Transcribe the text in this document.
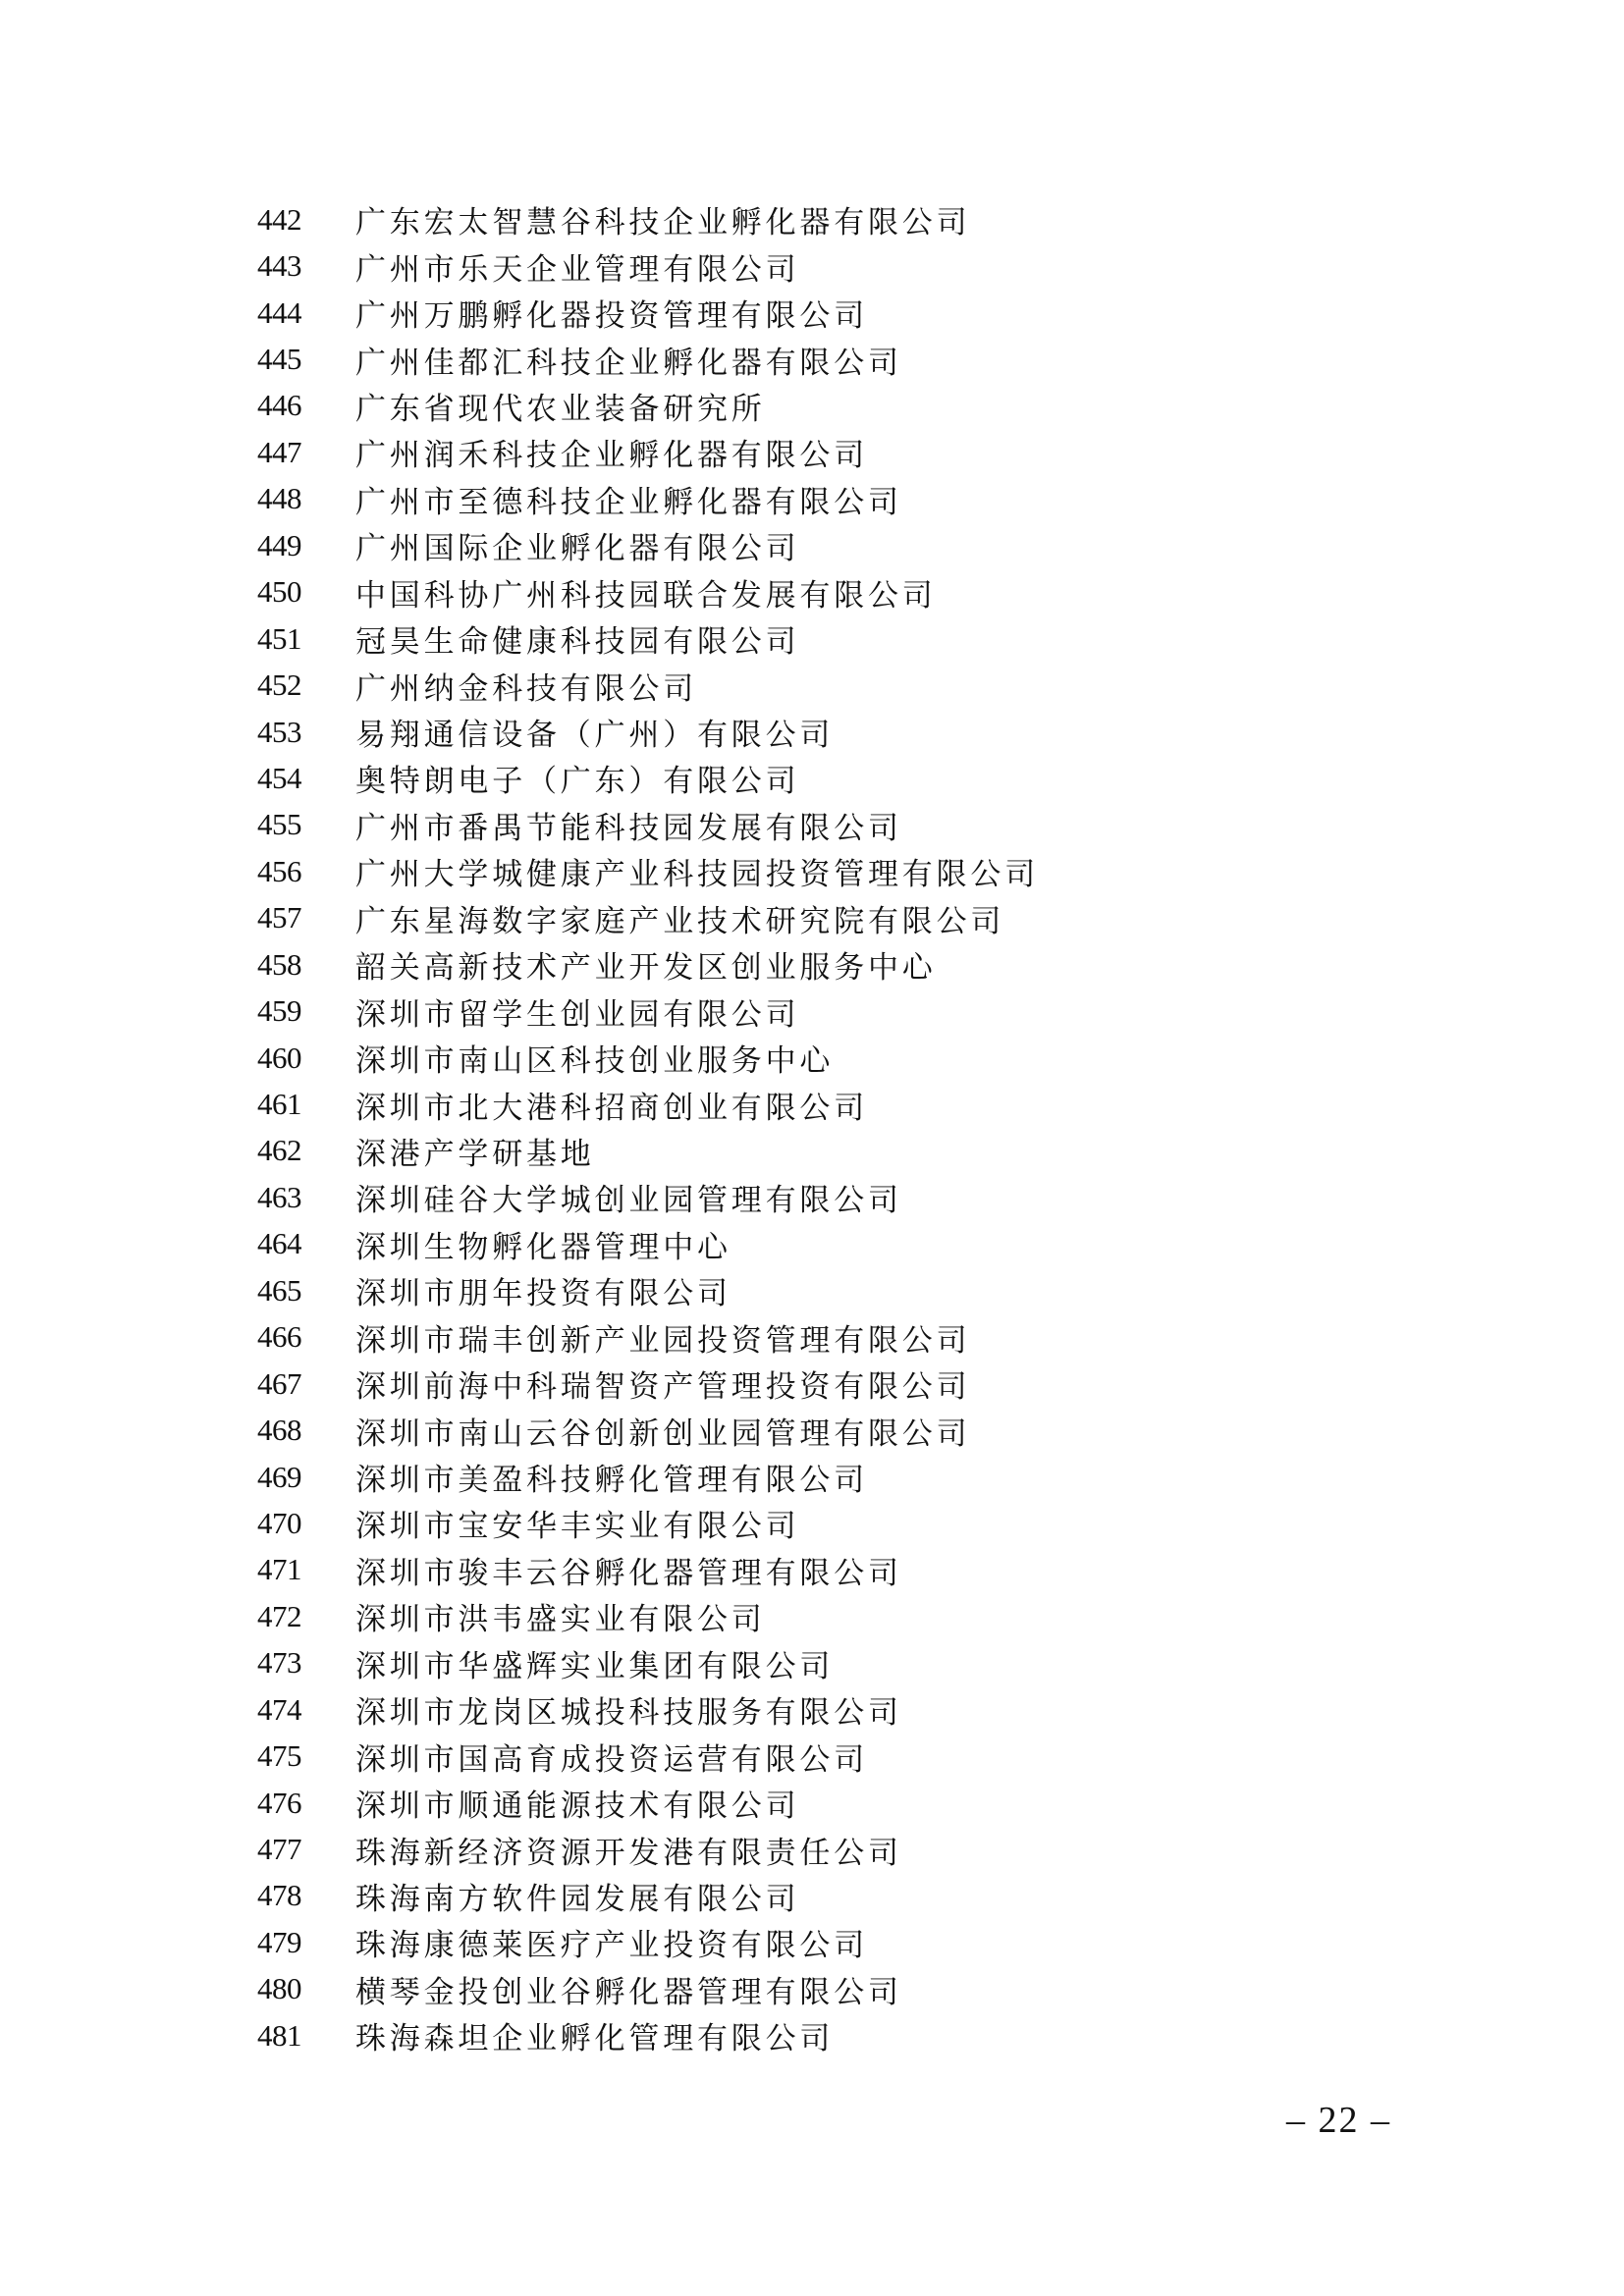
442	广东宏太智慧谷科技企业孵化器有限公司
443	广州市乐天企业管理有限公司
444	广州万鹏孵化器投资管理有限公司
445	广州佳都汇科技企业孵化器有限公司
446	广东省现代农业装备研究所
447	广州润禾科技企业孵化器有限公司
448	广州市至德科技企业孵化器有限公司
449	广州国际企业孵化器有限公司
450	中国科协广州科技园联合发展有限公司
451	冠昊生命健康科技园有限公司
452	广州纳金科技有限公司
453	易翔通信设备（广州）有限公司
454	奥特朗电子（广东）有限公司
455	广州市番禺节能科技园发展有限公司
456	广州大学城健康产业科技园投资管理有限公司
457	广东星海数字家庭产业技术研究院有限公司
458	韶关高新技术产业开发区创业服务中心
459	深圳市留学生创业园有限公司
460	深圳市南山区科技创业服务中心
461	深圳市北大港科招商创业有限公司
462	深港产学研基地
463	深圳硅谷大学城创业园管理有限公司
464	深圳生物孵化器管理中心
465	深圳市朋年投资有限公司
466	深圳市瑞丰创新产业园投资管理有限公司
467	深圳前海中科瑞智资产管理投资有限公司
468	深圳市南山云谷创新创业园管理有限公司
469	深圳市美盈科技孵化管理有限公司
470	深圳市宝安华丰实业有限公司
471	深圳市骏丰云谷孵化器管理有限公司
472	深圳市洪韦盛实业有限公司
473	深圳市华盛辉实业集团有限公司
474	深圳市龙岗区城投科技服务有限公司
475	深圳市国高育成投资运营有限公司
476	深圳市顺通能源技术有限公司
477	珠海新经济资源开发港有限责任公司
478	珠海南方软件园发展有限公司
479	珠海康德莱医疗产业投资有限公司
480	横琴金投创业谷孵化器管理有限公司
481	珠海森坦企业孵化管理有限公司
– 22 –
